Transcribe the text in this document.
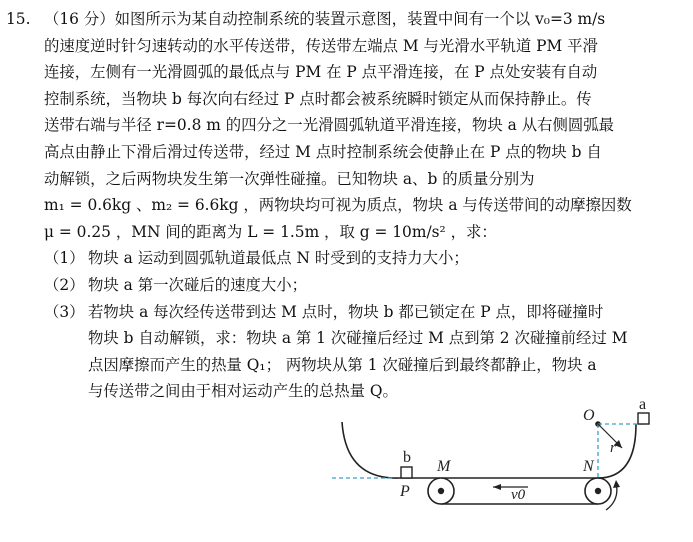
15. （16 分）如图所示为某自动控制系统的装置示意图，装置中间有一个以 v₀=3 m/s
的速度逆时针匀速转动的水平传送带，传送带左端点 M 与光滑水平轨道 PM 平滑
连接，左侧有一光滑圆弧的最低点与 PM 在 P 点平滑连接，在 P 点处安装有自动
控制系统，当物块 b 每次向右经过 P 点时都会被系统瞬时锁定从而保持静止。传
送带右端与半径 r=0.8 m 的四分之一光滑圆弧轨道平滑连接，物块 a 从右侧圆弧最
高点由静止下滑后滑过传送带，经过 M 点时控制系统会使静止在 P 点的物块 b 自
动解锁，之后两物块发生第一次弹性碰撞。已知物块 a、b 的质量分别为
m₁ = 0.6kg 、m₂ = 6.6kg ，两物块均可视为质点，物块 a 与传送带间的动摩擦因数
μ = 0.25 ，MN 间的距离为 L = 1.5m ，取 g = 10m/s² ，求：
（1） 物块 a 运动到圆弧轨道最低点 N 时受到的支持力大小；
（2） 物块 a 第一次碰后的速度大小；
（3） 若物块 a 每次经传送带到达 M 点时，物块 b 都已锁定在 P 点，即将碰撞时
物块 b 自动解锁，求：物块 a 第 1 次碰撞后经过 M 点到第 2 次碰撞前经过 M
点因摩擦而产生的热量 Q₁； 两物块从第 1 次碰撞后到最终都静止，物块 a
与传送带之间由于相对运动产生的总热量 Q。
b
P
M
v0
N
O
r
a
